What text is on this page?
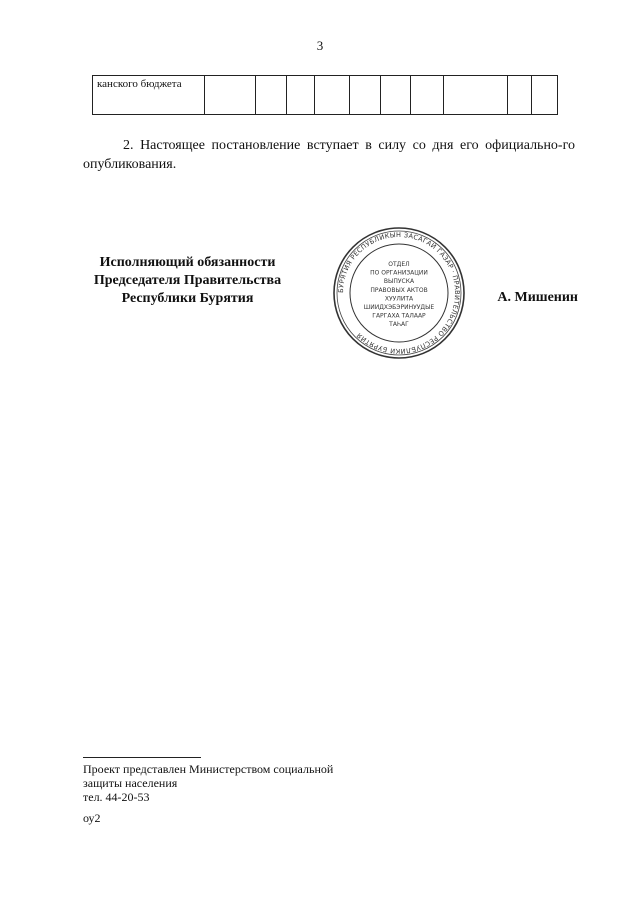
3
канского бюджета										
2. Настоящее постановление вступает в силу со дня его официально-го опубликования.
Исполняющий обязанности
Председателя Правительства
Республики Бурятия
БУРЯТИЯ РЕСПУБЛИКЫН ЗАСАГАЙ ГАЗАР · ПРАВИТЕЛЬСТВО РЕСПУБЛИКИ БУРЯТИЯ
ОТДЕЛ
ПО ОРГАНИЗАЦИИ
ВЫПУСКА
ПРАВОВЫХ АКТОВ
ХУУЛИТА
ШИИДХЭБЭРИНУУДЫЕ
ГАРГАХА ТАЛААР
ТАҺАГ
А. Мишенин
Проект представлен Министерством социальной
защиты населения
тел. 44-20-53
оу2
